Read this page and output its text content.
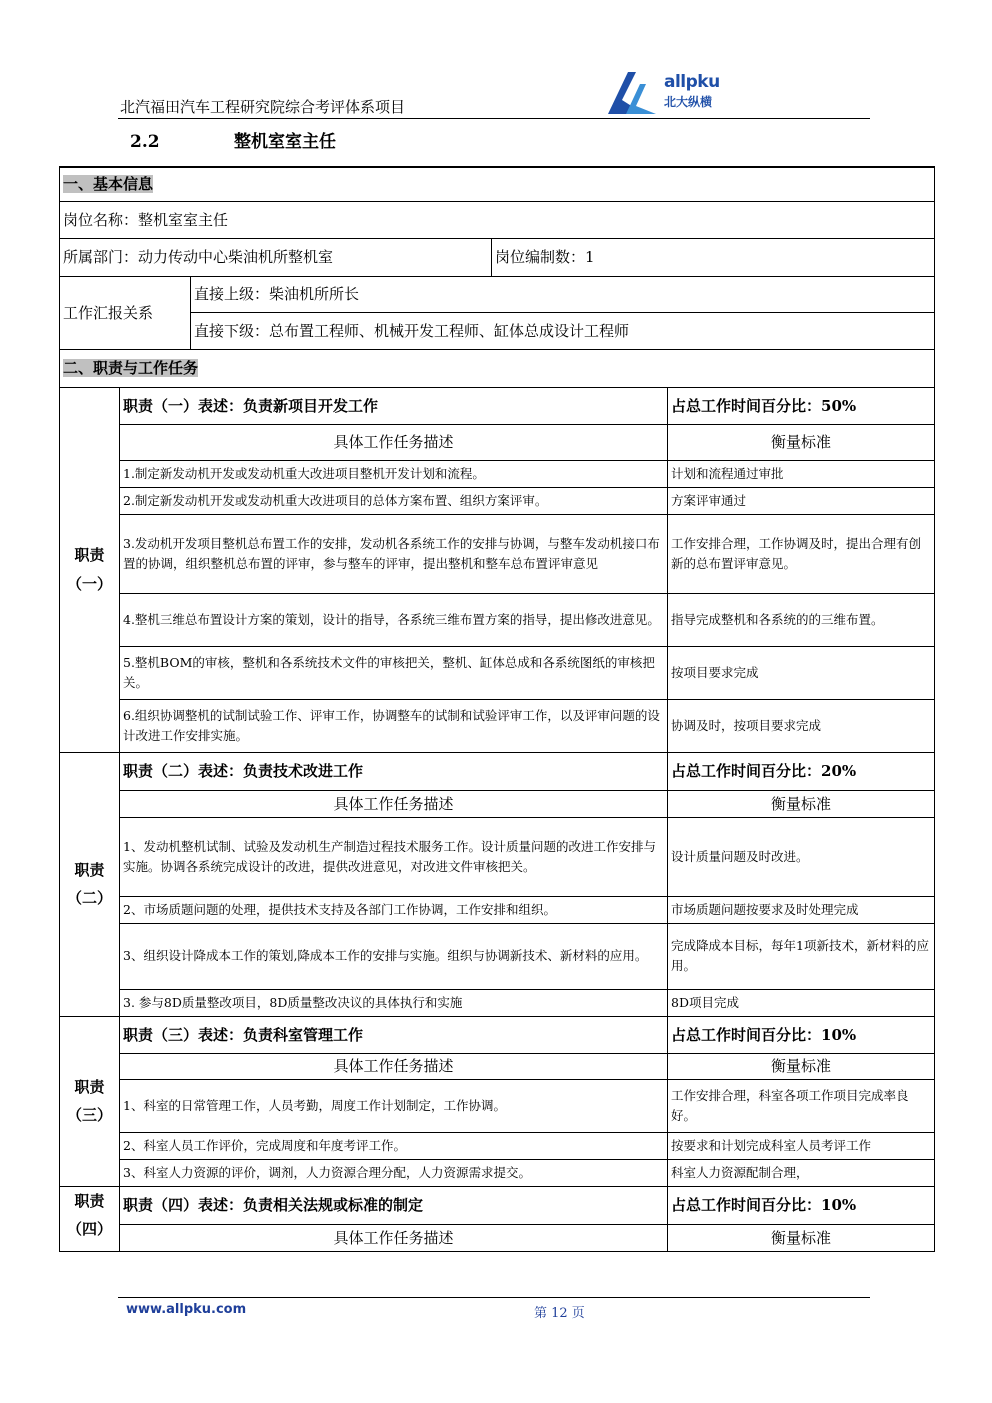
北汽福田汽车工程研究院综合考评体系项目
allpku
北大纵横
2.2	整机室室主任
一、基本信息				
岗位名称：整机室室主任				
所属部门：动力传动中心柴油机所整机室			岗位编制数：1	
工作汇报关系		直接上级：柴油机所所长		
		直接下级：总布置工程师、机械开发工程师、缸体总成设计工程师		
二、职责与工作任务				
职责
（一）	职责（一）表述：负责新项目开发工作			占总工作时间百分比：50%
	具体工作任务描述			衡量标准
	1.制定新发动机开发或发动机重大改进项目整机开发计划和流程。			计划和流程通过审批
	2.制定新发动机开发或发动机重大改进项目的总体方案布置、组织方案评审。			方案评审通过
	3.发动机开发项目整机总布置工作的安排，发动机各系统工作的安排与协调，与整车发动机接口布置的协调，组织整机总布置的评审，参与整车的评审，提出整机和整车总布置评审意见			工作安排合理，工作协调及时，提出合理有创新的总布置评审意见。
	4.整机三维总布置设计方案的策划，设计的指导，各系统三维布置方案的指导，提出修改进意见。			指导完成整机和各系统的的三维布置。
	5.整机BOM的审核，整机和各系统技术文件的审核把关，整机、缸体总成和各系统图纸的审核把关。			按项目要求完成
	6.组织协调整机的试制试验工作、评审工作，协调整车的试制和试验评审工作，以及评审问题的设计改进工作安排实施。			协调及时，按项目要求完成
职责
（二）	职责（二）表述：负责技术改进工作			占总工作时间百分比：20%
	具体工作任务描述			衡量标准
	1、发动机整机试制、试验及发动机生产制造过程技术服务工作。设计质量问题的改进工作安排与实施。协调各系统完成设计的改进，提供改进意见，对改进文件审核把关。			设计质量问题及时改进。
	2、市场质题问题的处理，提供技术支持及各部门工作协调，工作安排和组织。			市场质题问题按要求及时处理完成
	3、组织设计降成本工作的策划,降成本工作的安排与实施。组织与协调新技术、新材料的应用。			完成降成本目标，每年1项新技术，新材料的应用。
	3. 参与8D质量整改项目，8D质量整改决议的具体执行和实施			8D项目完成
职责
（三）	职责（三）表述：负责科室管理工作			占总工作时间百分比：10%
	具体工作任务描述			衡量标准
	1、科室的日常管理工作，人员考勤，周度工作计划制定，工作协调。			工作安排合理，科室各项工作项目完成率良好。
	2、科室人员工作评价，完成周度和年度考评工作。			按要求和计划完成科室人员考评工作
	3、科室人力资源的评价，调剂，人力资源合理分配，人力资源需求提交。			科室人力资源配制合理，
职责
（四）	职责（四）表述：负责相关法规或标准的制定			占总工作时间百分比：10%
	具体工作任务描述			衡量标准
www.allpku.com	第 12 页
